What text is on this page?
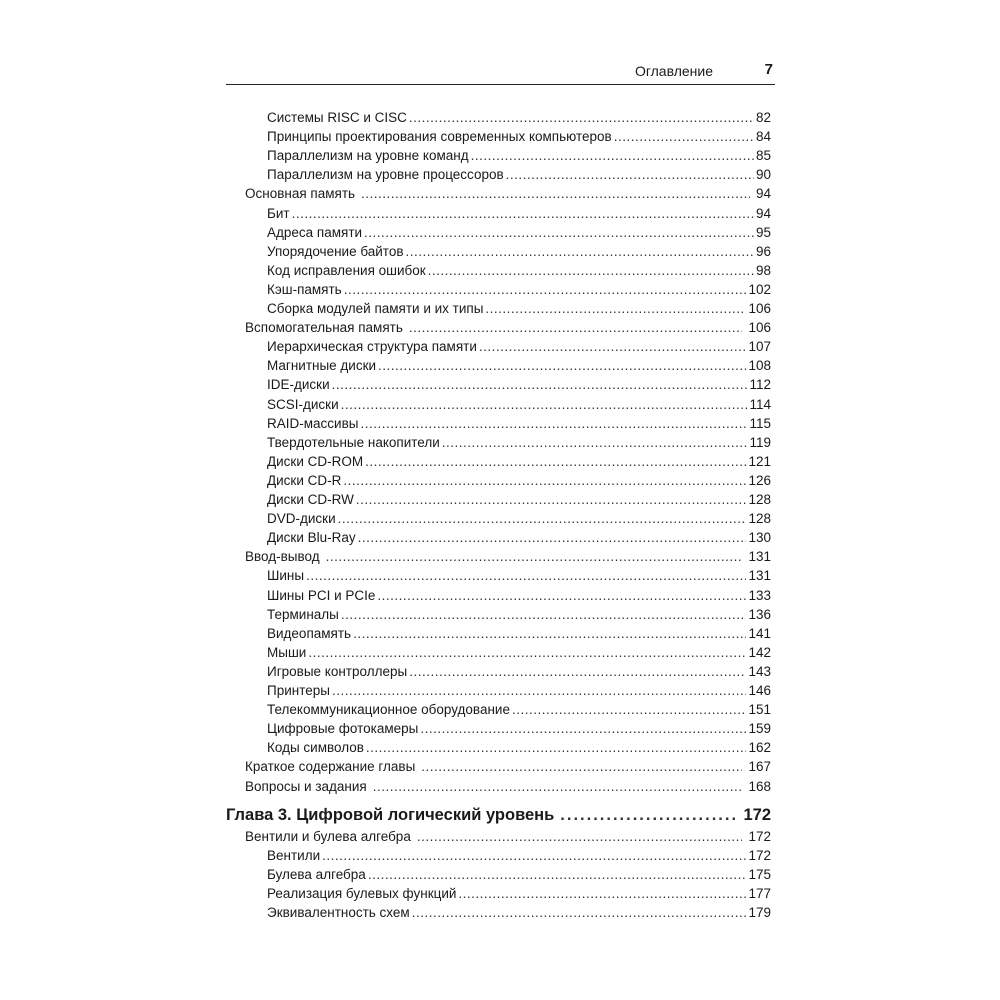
Оглавление	7
Системы RISC и CISC .....	82
Принципы проектирования современных компьютеров .....	84
Параллелизм на уровне команд .....	85
Параллелизм на уровне процессоров .....	90
Основная память .....	94
Бит .....	94
Адреса памяти .....	95
Упорядочение байтов .....	96
Код исправления ошибок .....	98
Кэш-память .....	102
Сборка модулей памяти и их типы .....	106
Вспомогательная память .....	106
Иерархическая структура памяти .....	107
Магнитные диски .....	108
IDE-диски .....	112
SCSI-диски .....	114
RAID-массивы .....	115
Твердотельные накопители .....	119
Диски CD-ROM .....	121
Диски CD-R .....	126
Диски CD-RW .....	128
DVD-диски .....	128
Диски Blu-Ray .....	130
Ввод-вывод .....	131
Шины .....	131
Шины PCI и PCIe .....	133
Терминалы .....	136
Видеопамять .....	141
Мыши .....	142
Игровые контроллеры .....	143
Принтеры .....	146
Телекоммуникационное оборудование .....	151
Цифровые фотокамеры .....	159
Коды символов .....	162
Краткое содержание главы .....	167
Вопросы и задания .....	168
Глава 3. Цифровой логический уровень .....	172
Вентили и булева алгебра .....	172
Вентили .....	172
Булева алгебра .....	175
Реализация булевых функций .....	177
Эквивалентность схем .....	179
